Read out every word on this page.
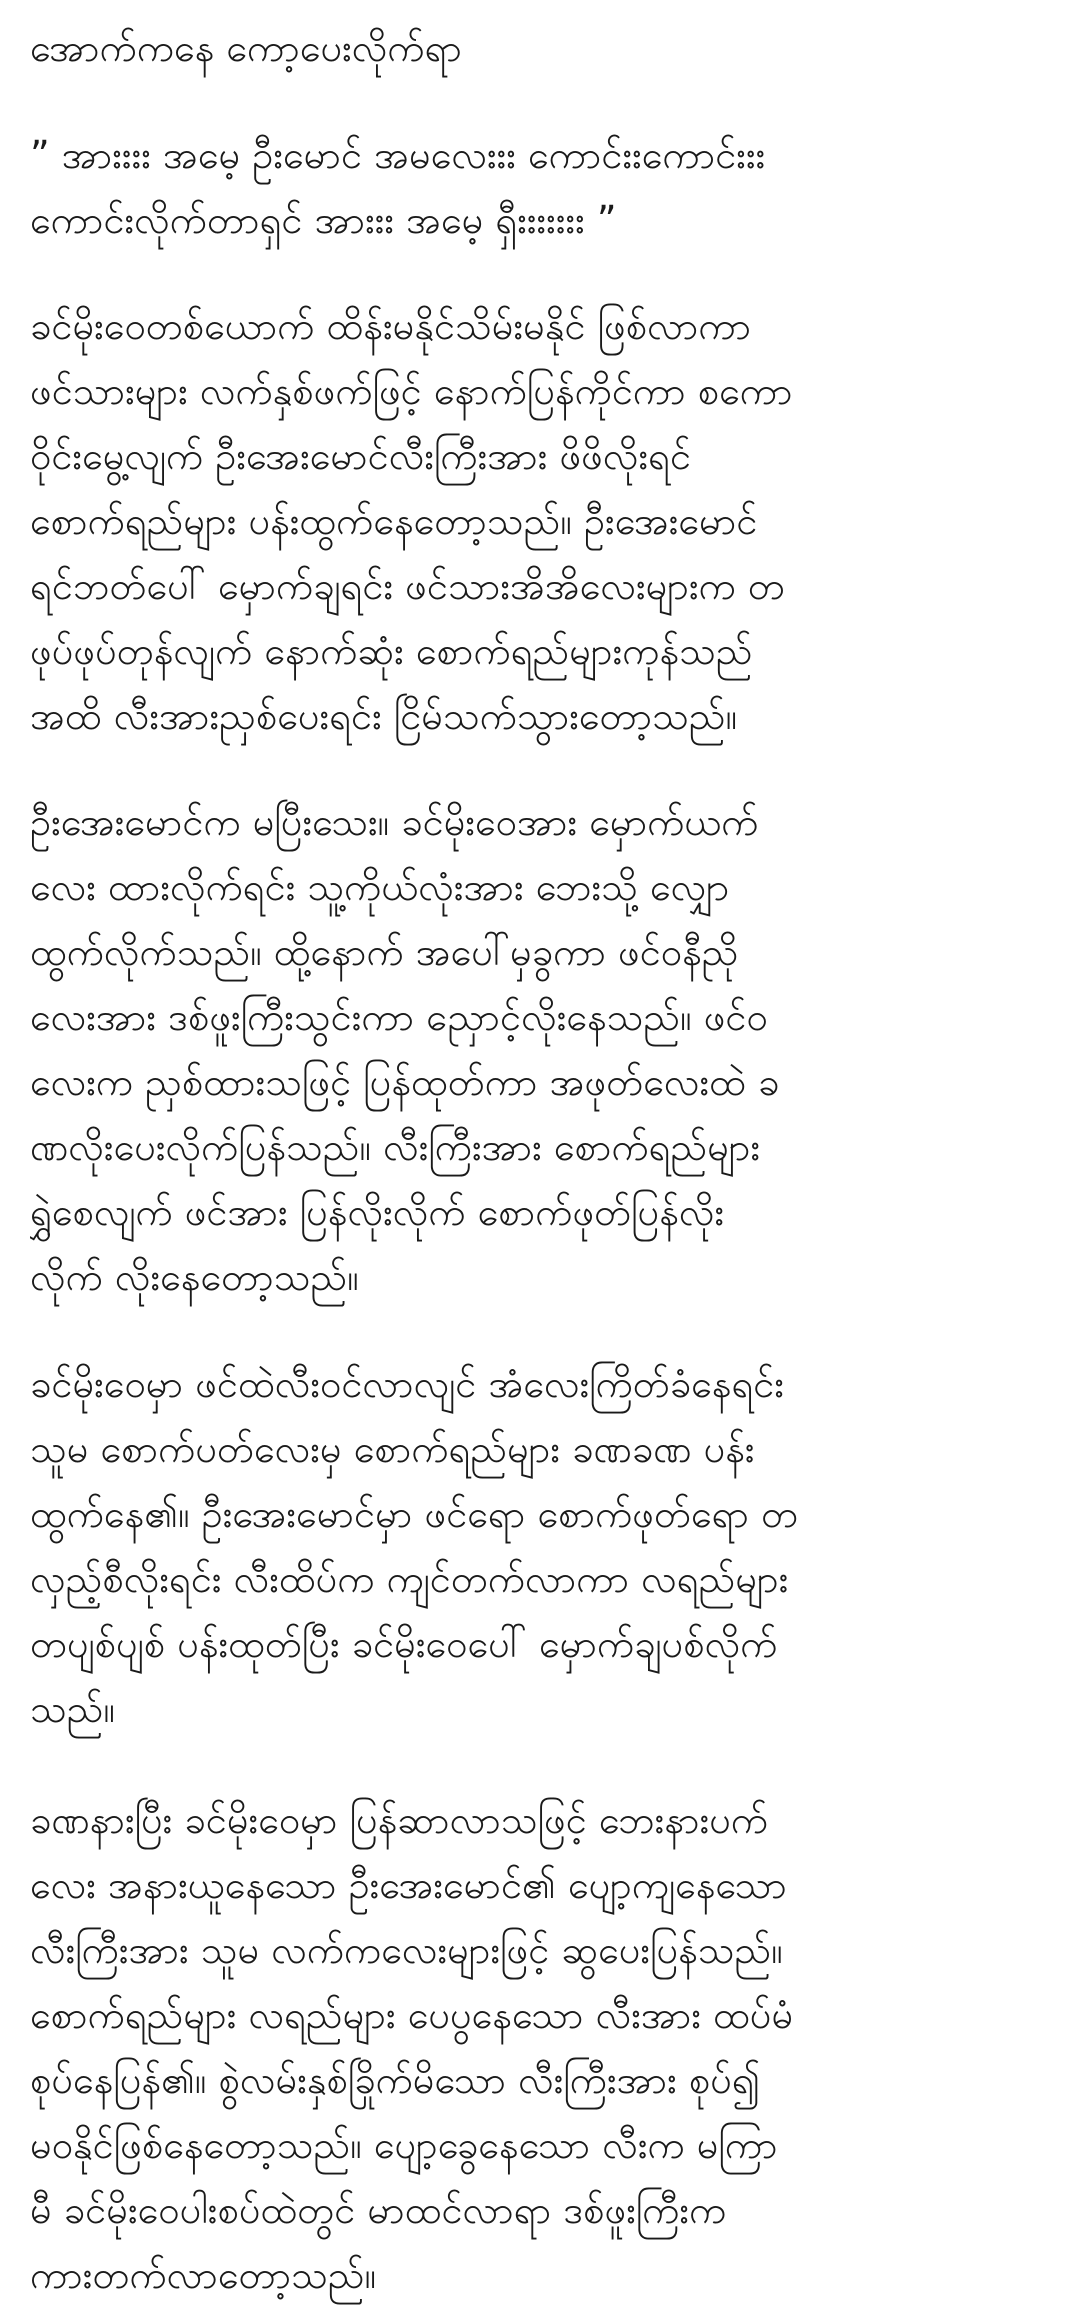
အောက်ကနေ ကော့ပေးလိုက်ရာ
” အားးးး အမေ့ ဦးမောင် အမလေးးး ကောင်းးကောင်းးး
ကောင်းလိုက်တာရှင် အားးး အမေ့ ရှီးးးးးးး ”
ခင်မိုးဝေတစ်ယောက် ထိန်းမနိုင်သိမ်းမနိုင် ဖြစ်လာကာ
ဖင်သားများ လက်နှစ်ဖက်ဖြင့် နောက်ပြန်ကိုင်ကာ စကော
ဝိုင်းမွေ့လျက် ဦးအေးမောင်လီးကြီးအား ဖိဖိလိုးရင်
စောက်ရည်များ ပန်းထွက်နေတော့သည်။ ဦးအေးမောင်
ရင်ဘတ်ပေါ် မှောက်ချရင်း ဖင်သားအိအိလေးများက တ
ဖုပ်ဖုပ်တုန်လျက် နောက်ဆုံး စောက်ရည်များကုန်သည်
အထိ လီးအားညှစ်ပေးရင်း ငြိမ်သက်သွားတော့သည်။
ဦးအေးမောင်က မပြီးသေး။ ခင်မိုးဝေအား မှောက်ယက်
လေး ထားလိုက်ရင်း သူ့ကိုယ်လုံးအား ဘေးသို့ လျှော
ထွက်လိုက်သည်။ ထို့နောက် အပေါ်မှခွကာ ဖင်ဝနီညို
လေးအား ဒစ်ဖူးကြီးသွင်းကာ ညှောင့်လိုးနေသည်။ ဖင်ဝ
လေးက ညှစ်ထားသဖြင့် ပြန်ထုတ်ကာ အဖုတ်လေးထဲ ခ
ဏလိုးပေးလိုက်ပြန်သည်။ လီးကြီးအား စောက်ရည်များ
ရွှဲစေလျက် ဖင်အား ပြန်လိုးလိုက် စောက်ဖုတ်ပြန်လိုး
လိုက် လိုးနေတော့သည်။
ခင်မိုးဝေမှာ ဖင်ထဲလီးဝင်လာလျင် အံလေးကြိတ်ခံနေရင်း
သူမ စောက်ပတ်လေးမှ စောက်ရည်များ ခဏခဏ ပန်း
ထွက်နေ၏။ ဦးအေးမောင်မှာ ဖင်ရော စောက်ဖုတ်ရော တ
လှည့်စီလိုးရင်း လီးထိပ်က ကျင်တက်လာကာ လရည်များ
တပျစ်ပျစ် ပန်းထုတ်ပြီး ခင်မိုးဝေပေါ် မှောက်ချပစ်လိုက်
သည်။
ခဏနားပြီး ခင်မိုးဝေမှာ ပြန်ဆာလာသဖြင့် ဘေးနားပက်
လေး အနားယူနေသော ဦးအေးမောင်၏ ပျော့ကျနေသော
လီးကြီးအား သူမ လက်ကလေးများဖြင့် ဆွပေးပြန်သည်။
စောက်ရည်များ လရည်များ ပေပွနေသော လီးအား ထပ်မံ
စုပ်နေပြန်၏။ စွဲလမ်းနှစ်ခြိုက်မိသော လီးကြီးအား စုပ်၍
မဝနိုင်ဖြစ်နေတော့သည်။ ပျော့ခွေနေသော လီးက မကြာ
မီ ခင်မိုးဝေပါးစပ်ထဲတွင် မာထင်လာရာ ဒစ်ဖူးကြီးက
ကားတက်လာတော့သည်။
